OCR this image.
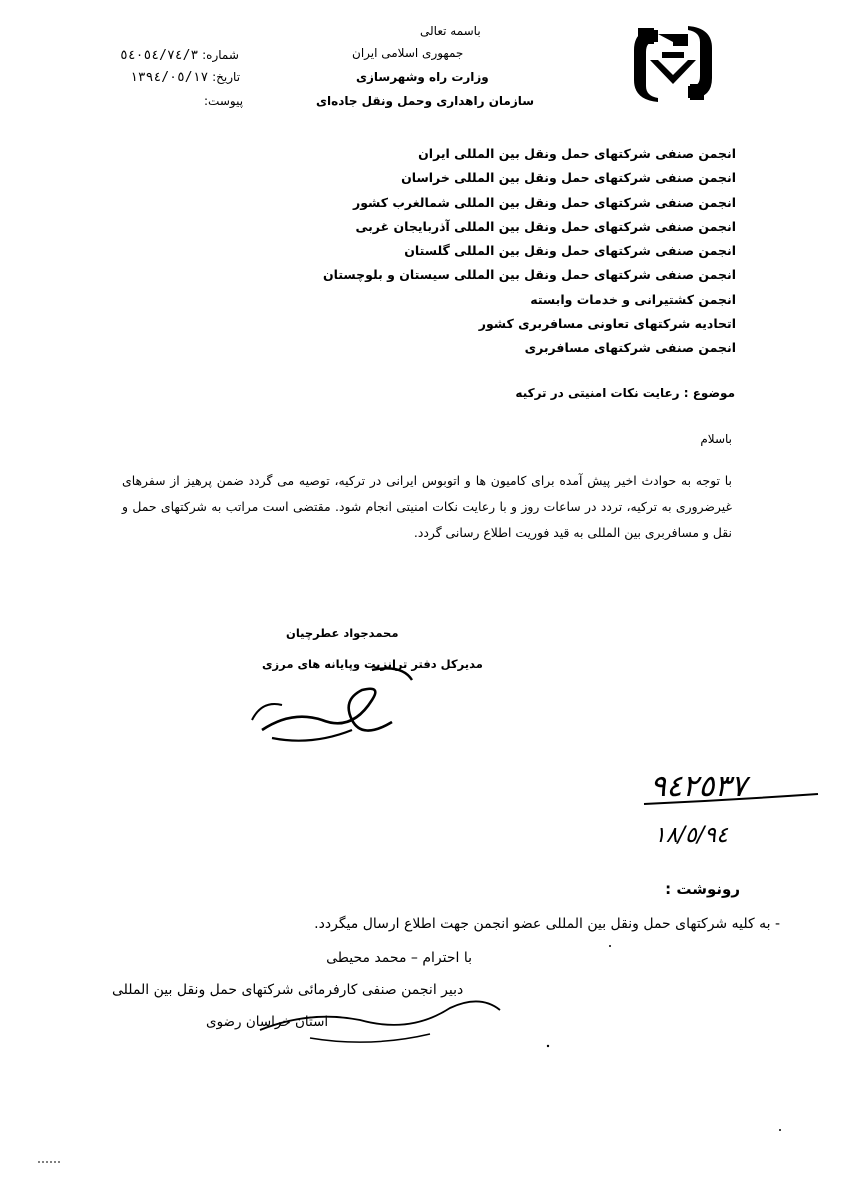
باسمه تعالی

جمهوری اسلامی ایران

وزارت راه وشهرسازی

سازمان راهداری وحمل ونقل جاده‌ای

شماره: ٥٤٠٥٤/٧٤/٣
تاریخ: ١٣٩٤/٠٥/١٧
پیوست:
انجمن صنفی شرکتهای حمل ونقل بین المللی ایران
انجمن صنفی شرکتهای حمل ونقل بین المللی خراسان
انجمن صنفی شرکتهای حمل ونقل بین المللی شمالغرب کشور
انجمن صنفی شرکتهای حمل ونقل بین المللی آذربایجان غربی
انجمن صنفی شرکتهای حمل ونقل بین المللی گلستان
انجمن صنفی شرکتهای حمل ونقل بین المللی سیستان و بلوچستان
انجمن کشتیرانی و خدمات وابسته
اتحادیه شرکتهای تعاونی مسافربری کشور
انجمن صنفی شرکتهای مسافربری

موضوع : رعایت نکات امنیتی در ترکیه

باسلام

با توجه به حوادث اخیر پیش آمده برای کامیون ها و اتوبوس ایرانی در ترکیه، توصیه می گردد ضمن پرهیز از سفرهای غیرضروری به ترکیه، تردد در ساعات روز و با رعایت نکات امنیتی انجام شود. مقتضی است مراتب به شرکتهای حمل و نقل و مسافربری بین المللی به قید فوریت اطلاع رسانی گردد.

محمدجواد عطرچیان

مدیرکل دفتر ترانزیت وپایانه های مرزی

٩٤٢٥٣٧
١٨/٥/٩٤

رونوشت :

- به کلیه شرکتهای حمل ونقل بین المللی عضو انجمن جهت اطلاع ارسال میگردد.

با احترام – محمد محیطی

دبیر انجمن صنفی کارفرمائی شرکتهای حمل ونقل بین المللی

استان خراسان رضوی
